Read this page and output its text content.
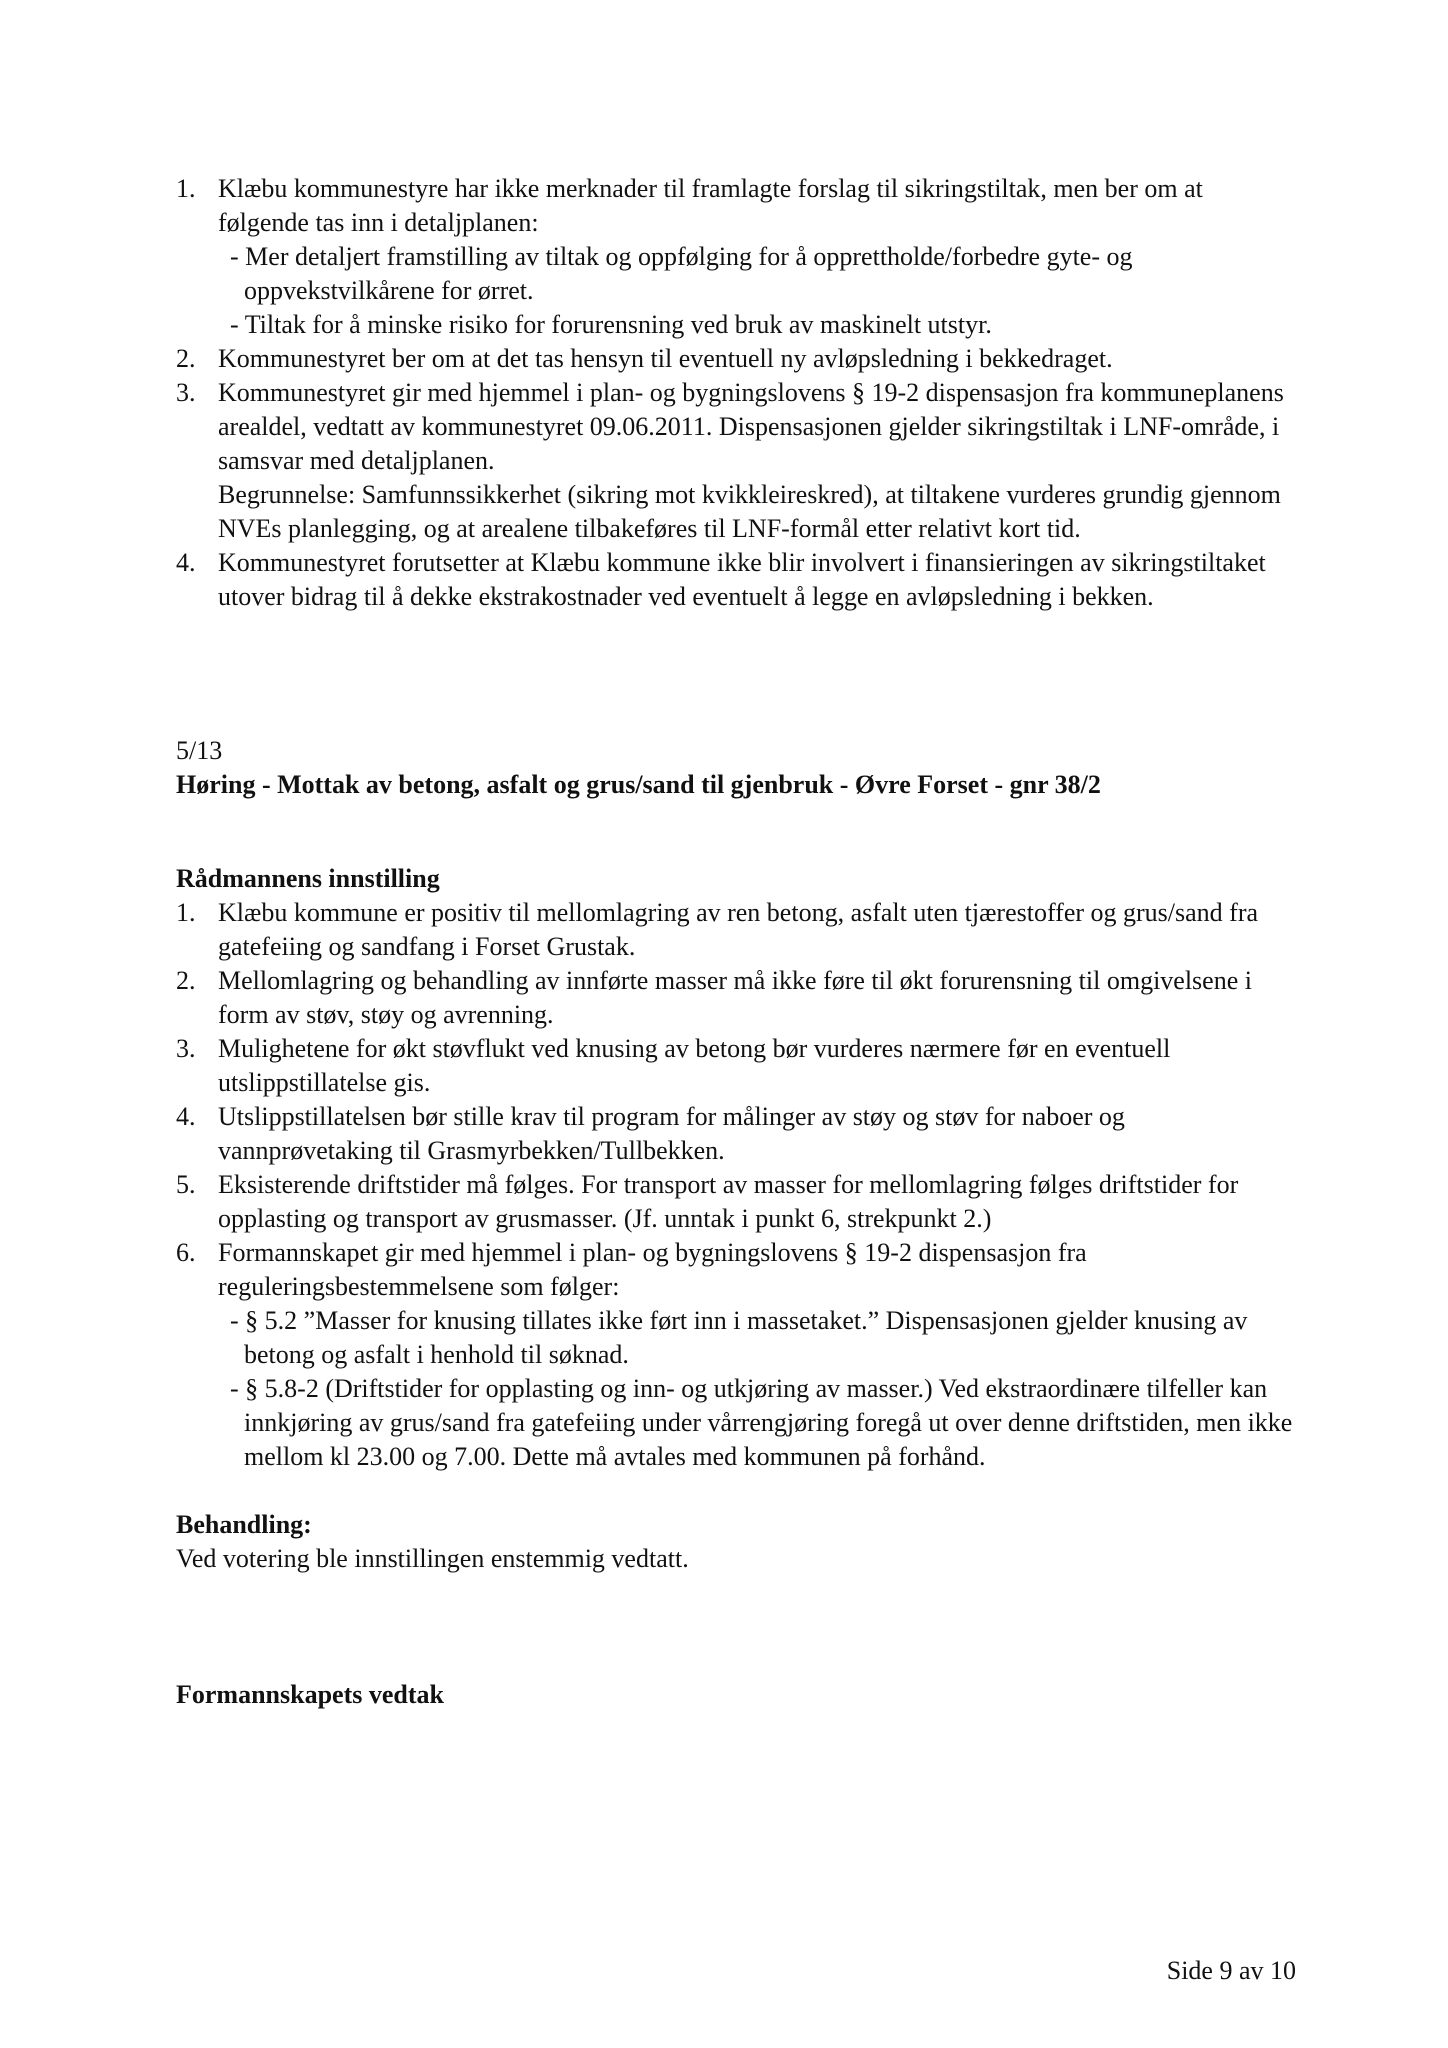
1. Klæbu kommunestyre har ikke merknader til framlagte forslag til sikringstiltak, men ber om at følgende tas inn i detaljplanen:
- Mer detaljert framstilling av tiltak og oppfølging for å opprettholde/forbedre gyte- og oppvekstvilkårene for ørret.
- Tiltak for å minske risiko for forurensning ved bruk av maskinelt utstyr.
2. Kommunestyret ber om at det tas hensyn til eventuell ny avløpsledning i bekkedraget.
3. Kommunestyret gir med hjemmel i plan- og bygningslovens § 19-2 dispensasjon fra kommuneplanens arealdel, vedtatt av kommunestyret 09.06.2011. Dispensasjonen gjelder sikringstiltak i LNF-område, i samsvar med detaljplanen.
Begrunnelse: Samfunnssikkerhet (sikring mot kvikkleireskred), at tiltakene vurderes grundig gjennom NVEs planlegging, og at arealene tilbakeføres til LNF-formål etter relativt kort tid.
4. Kommunestyret forutsetter at Klæbu kommune ikke blir involvert i finansieringen av sikringstiltaket utover bidrag til å dekke ekstrakostnader ved eventuelt å legge en avløpsledning i bekken.
5/13
Høring - Mottak av betong, asfalt og grus/sand til gjenbruk - Øvre Forset - gnr 38/2
Rådmannens innstilling
1. Klæbu kommune er positiv til mellomlagring av ren betong, asfalt uten tjærestoffer og grus/sand fra gatefeiing og sandfang i Forset Grustak.
2. Mellomlagring og behandling av innførte masser må ikke føre til økt forurensning til omgivelsene i form av støv, støy og avrenning.
3. Mulighetene for økt støvflukt ved knusing av betong bør vurderes nærmere før en eventuell utslippstillatelse gis.
4. Utslippstillatelsen bør stille krav til program for målinger av støy og støv for naboer og vannprøvetaking til Grasmyrbekken/Tullbekken.
5. Eksisterende driftstider må følges. For transport av masser for mellomlagring følges driftstider for opplasting og transport av grusmasser. (Jf. unntak i punkt 6, strekpunkt 2.)
6. Formannskapet gir med hjemmel i plan- og bygningslovens § 19-2 dispensasjon fra reguleringsbestemmelsene som følger:
- § 5.2 ”Masser for knusing tillates ikke ført inn i massetaket.” Dispensasjonen gjelder knusing av betong og asfalt i henhold til søknad.
- § 5.8-2 (Driftstider for opplasting og inn- og utkjøring av masser.) Ved ekstraordinære tilfeller kan innkjøring av grus/sand fra gatefeiing under vårrengjøring foregå ut over denne driftstiden, men ikke mellom kl 23.00 og 7.00. Dette må avtales med kommunen på forhånd.
Behandling:
Ved votering ble innstillingen enstemmig vedtatt.
Formannskapets vedtak
Side 9 av 10
